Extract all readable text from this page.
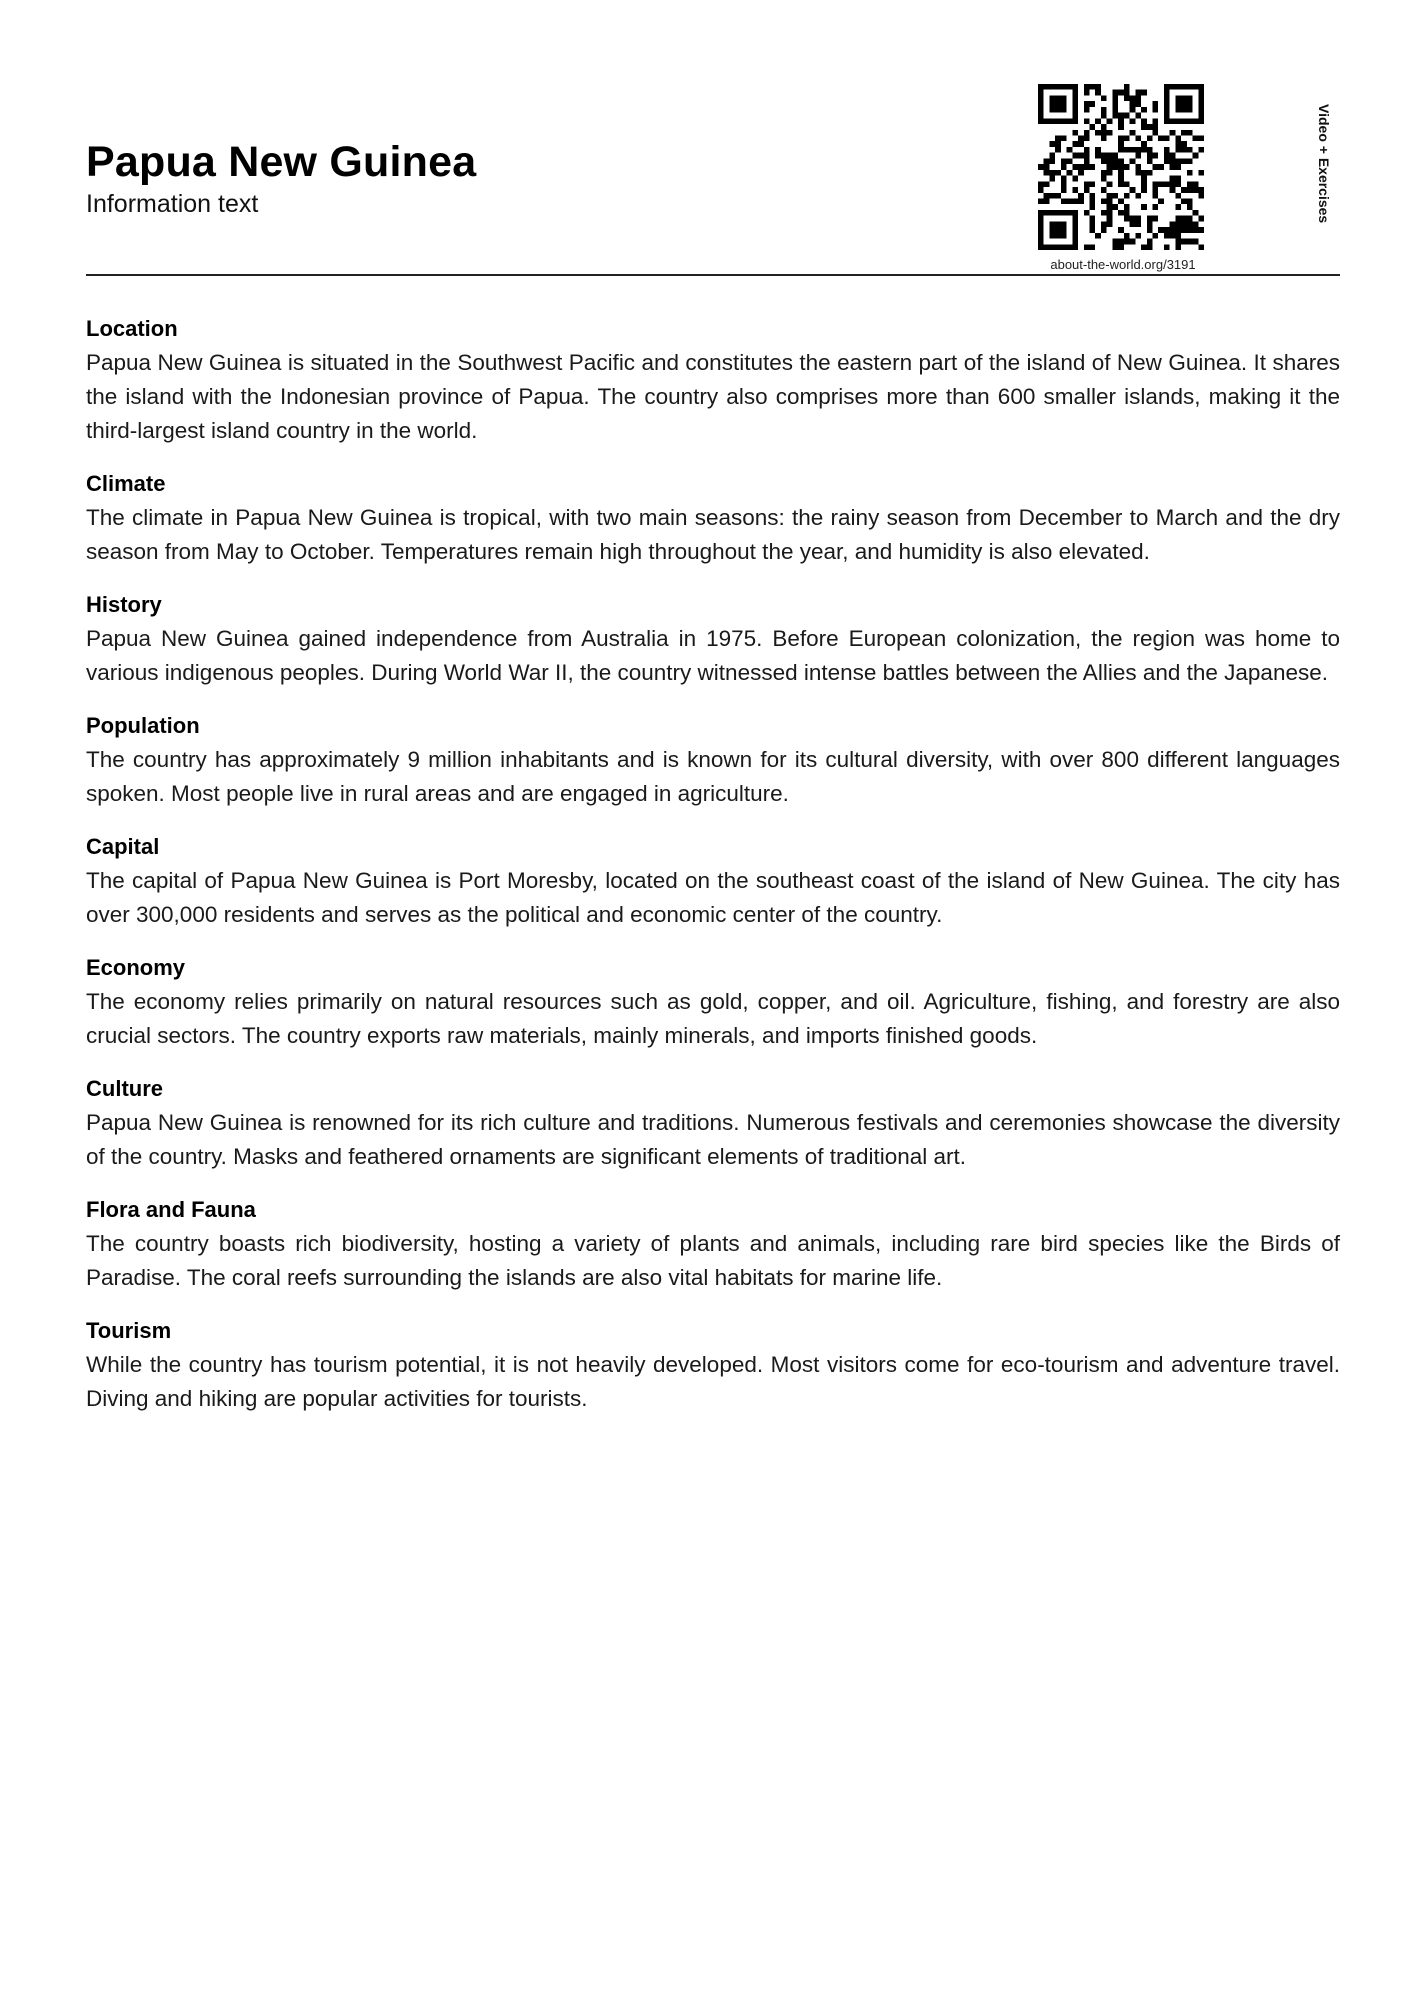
Papua New Guinea
Information text	Video + Exercises
about-the-world.org/3191
Location

Papua New Guinea is situated in the Southwest Pacific and constitutes the eastern part of the island of New Guinea. It shares the island with the Indonesian province of Papua. The country also comprises more than 600 smaller islands, making it the third-largest island country in the world.

Climate

The climate in Papua New Guinea is tropical, with two main seasons: the rainy season from December to March and the dry season from May to October. Temperatures remain high throughout the year, and humidity is also elevated.

History

Papua New Guinea gained independence from Australia in 1975. Before European colonization, the region was home to various indigenous peoples. During World War II, the country witnessed intense battles between the Allies and the Japanese.

Population

The country has approximately 9 million inhabitants and is known for its cultural diversity, with over 800 different languages spoken. Most people live in rural areas and are engaged in agriculture.

Capital

The capital of Papua New Guinea is Port Moresby, located on the southeast coast of the island of New Guinea. The city has over 300,000 residents and serves as the political and economic center of the country.

Economy

The economy relies primarily on natural resources such as gold, copper, and oil. Agriculture, fishing, and forestry are also crucial sectors. The country exports raw materials, mainly minerals, and imports finished goods.

Culture

Papua New Guinea is renowned for its rich culture and traditions. Numerous festivals and ceremonies showcase the diversity of the country. Masks and feathered ornaments are significant elements of traditional art.

Flora and Fauna

The country boasts rich biodiversity, hosting a variety of plants and animals, including rare bird species like the Birds of Paradise. The coral reefs surrounding the islands are also vital habitats for marine life.

Tourism

While the country has tourism potential, it is not heavily developed. Most visitors come for eco-tourism and adventure travel. Diving and hiking are popular activities for tourists.
